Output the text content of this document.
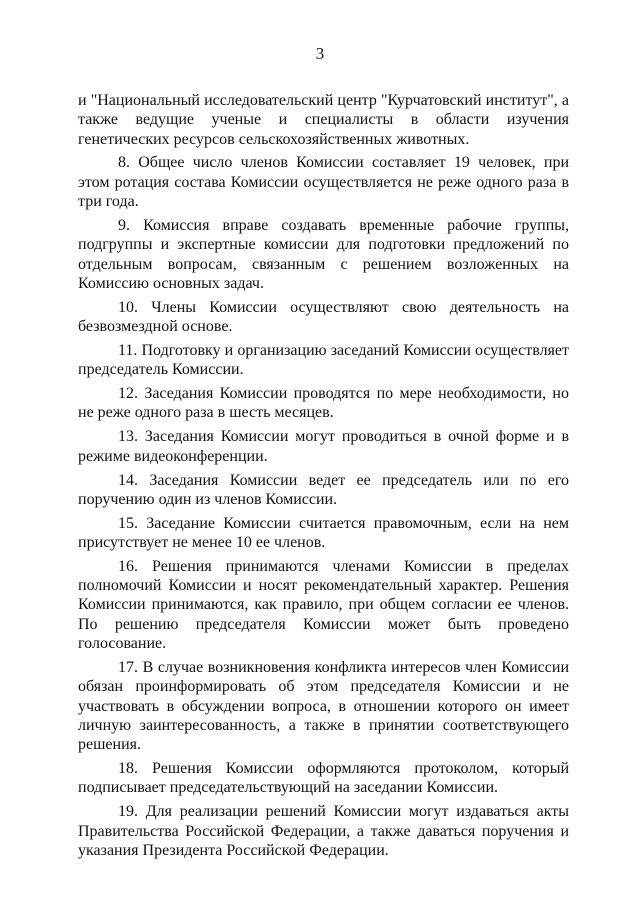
3

и "Национальный исследовательский центр "Курчатовский институт", а также ведущие ученые и специалисты в области изучения генетических ресурсов сельскохозяйственных животных.

8. Общее число членов Комиссии составляет 19 человек, при этом ротация состава Комиссии осуществляется не реже одного раза в три года.

9. Комиссия вправе создавать временные рабочие группы, подгруппы и экспертные комиссии для подготовки предложений по отдельным вопросам, связанным с решением возложенных на Комиссию основных задач.

10. Члены Комиссии осуществляют свою деятельность на безвозмездной основе.

11. Подготовку и организацию заседаний Комиссии осуществляет председатель Комиссии.

12. Заседания Комиссии проводятся по мере необходимости, но не реже одного раза в шесть месяцев.

13. Заседания Комиссии могут проводиться в очной форме и в режиме видеоконференции.

14. Заседания Комиссии ведет ее председатель или по его поручению один из членов Комиссии.

15. Заседание Комиссии считается правомочным, если на нем присутствует не менее 10 ее членов.

16. Решения принимаются членами Комиссии в пределах полномочий Комиссии и носят рекомендательный характер. Решения Комиссии принимаются, как правило, при общем согласии ее членов. По решению председателя Комиссии может быть проведено голосование.

17. В случае возникновения конфликта интересов член Комиссии обязан проинформировать об этом председателя Комиссии и не участвовать в обсуждении вопроса, в отношении которого он имеет личную заинтересованность, а также в принятии соответствующего решения.

18. Решения Комиссии оформляются протоколом, который подписывает председательствующий на заседании Комиссии.

19. Для реализации решений Комиссии могут издаваться акты Правительства Российской Федерации, а также даваться поручения и указания Президента Российской Федерации.
